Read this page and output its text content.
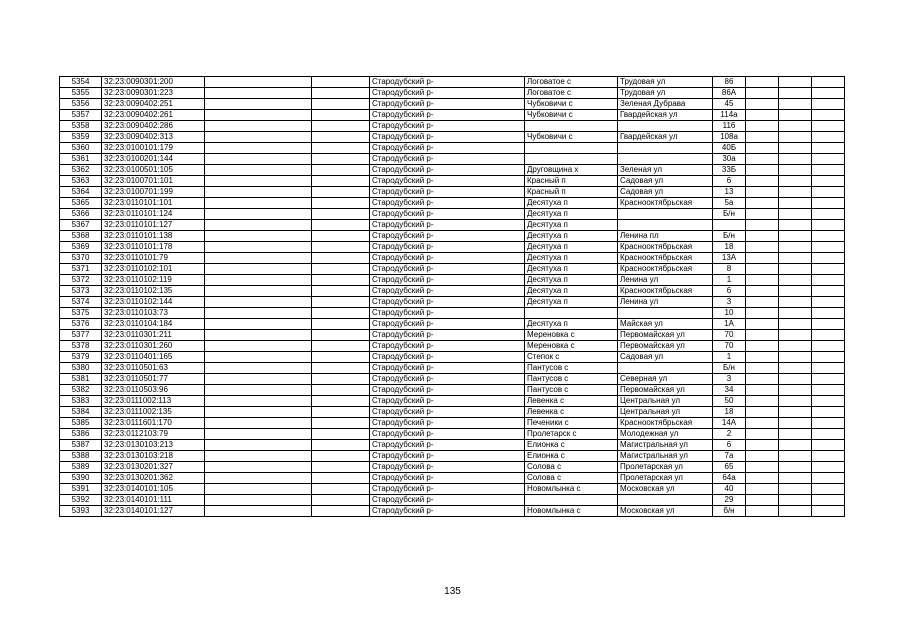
5354	32:23:0090301:200			Стародубский р-	Логоватое с	Трудовая ул	86			
5355	32:23:0090301:223			Стародубский р-	Логоватое с	Трудовая ул	86А			
5356	32:23:0090402:251			Стародубский р-	Чубковичи с	Зеленая Дубрава	45			
5357	32:23:0090402:261			Стародубский р-	Чубковичи с	Гвардейская ул	114а			
5358	32:23:0090402:286			Стародубский р-			116			
5359	32:23:0090402:313			Стародубский р-	Чубковичи с	Гвардейская ул	108а			
5360	32:23:0100101:179			Стародубский р-			40Б			
5361	32:23:0100201:144			Стародубский р-			30а			
5362	32:23:0100501:105			Стародубский р-	Друговщина х	Зеленая ул	33Б			
5363	32:23:0100701:101			Стародубский р-	Красный п	Садовая ул	6			
5364	32:23:0100701:199			Стародубский р-	Красный п	Садовая ул	13			
5365	32:23:0110101:101			Стародубский р-	Десятуха п	Краснооктябрьская	5а			
5366	32:23:0110101:124			Стародубский р-	Десятуха п		Б/н			
5367	32:23:0110101:127			Стародубский р-	Десятуха п					
5368	32:23:0110101:138			Стародубский р-	Десятуха п	Ленина пл	Б/н			
5369	32:23:0110101:178			Стародубский р-	Десятуха п	Краснооктябрьская	18			
5370	32:23:0110101:79			Стародубский р-	Десятуха п	Краснооктябрьская	13А			
5371	32:23:0110102:101			Стародубский р-	Десятуха п	Краснооктябрьская	8			
5372	32:23:0110102:119			Стародубский р-	Десятуха п	Ленина ул	1			
5373	32:23:0110102:135			Стародубский р-	Десятуха п	Краснооктябрьская	6			
5374	32:23:0110102:144			Стародубский р-	Десятуха п	Ленина ул	3			
5375	32:23:0110103:73			Стародубский р-			10			
5376	32:23:0110104:184			Стародубский р-	Десятуха п	Майская ул	1А			
5377	32:23:0110301:211			Стародубский р-	Мереновка с	Первомайская ул	70			
5378	32:23:0110301:260			Стародубский р-	Мереновка с	Первомайская ул	70			
5379	32:23:0110401:165			Стародубский р-	Степок с	Садовая ул	1			
5380	32:23:0110501:63			Стародубский р-	Пантусов с		Б/н			
5381	32:23:0110501:77			Стародубский р-	Пантусов с	Северная ул	3			
5382	32:23:0110503:96			Стародубский р-	Пантусов с	Первомайская ул	34			
5383	32:23:0111002:113			Стародубский р-	Левенка с	Центральная ул	50			
5384	32:23:0111002:135			Стародубский р-	Левенка с	Центральная ул	18			
5385	32:23:0111601:170			Стародубский р-	Печеники с	Краснооктябрьская	14А			
5386	32:23:0112103:79			Стародубский р-	Пролетарск с	Молодежная ул	2			
5387	32:23:0130103:213			Стародубский р-	Елионка с	Магистральная ул	6			
5388	32:23:0130103:218			Стародубский р-	Елионка с	Магистральная ул	7а			
5389	32:23:0130201:327			Стародубский р-	Солова с	Пролетарская ул	65			
5390	32:23:0130201:362			Стародубский р-	Солова с	Пролетарская ул	64а			
5391	32:23:0140101:105			Стародубский р-	Новомлынка с	Московская ул	40			
5392	32:23:0140101:111			Стародубский р-			29			
5393	32:23:0140101:127			Стародубский р-	Новомлынка с	Московская ул	б/н			
135
